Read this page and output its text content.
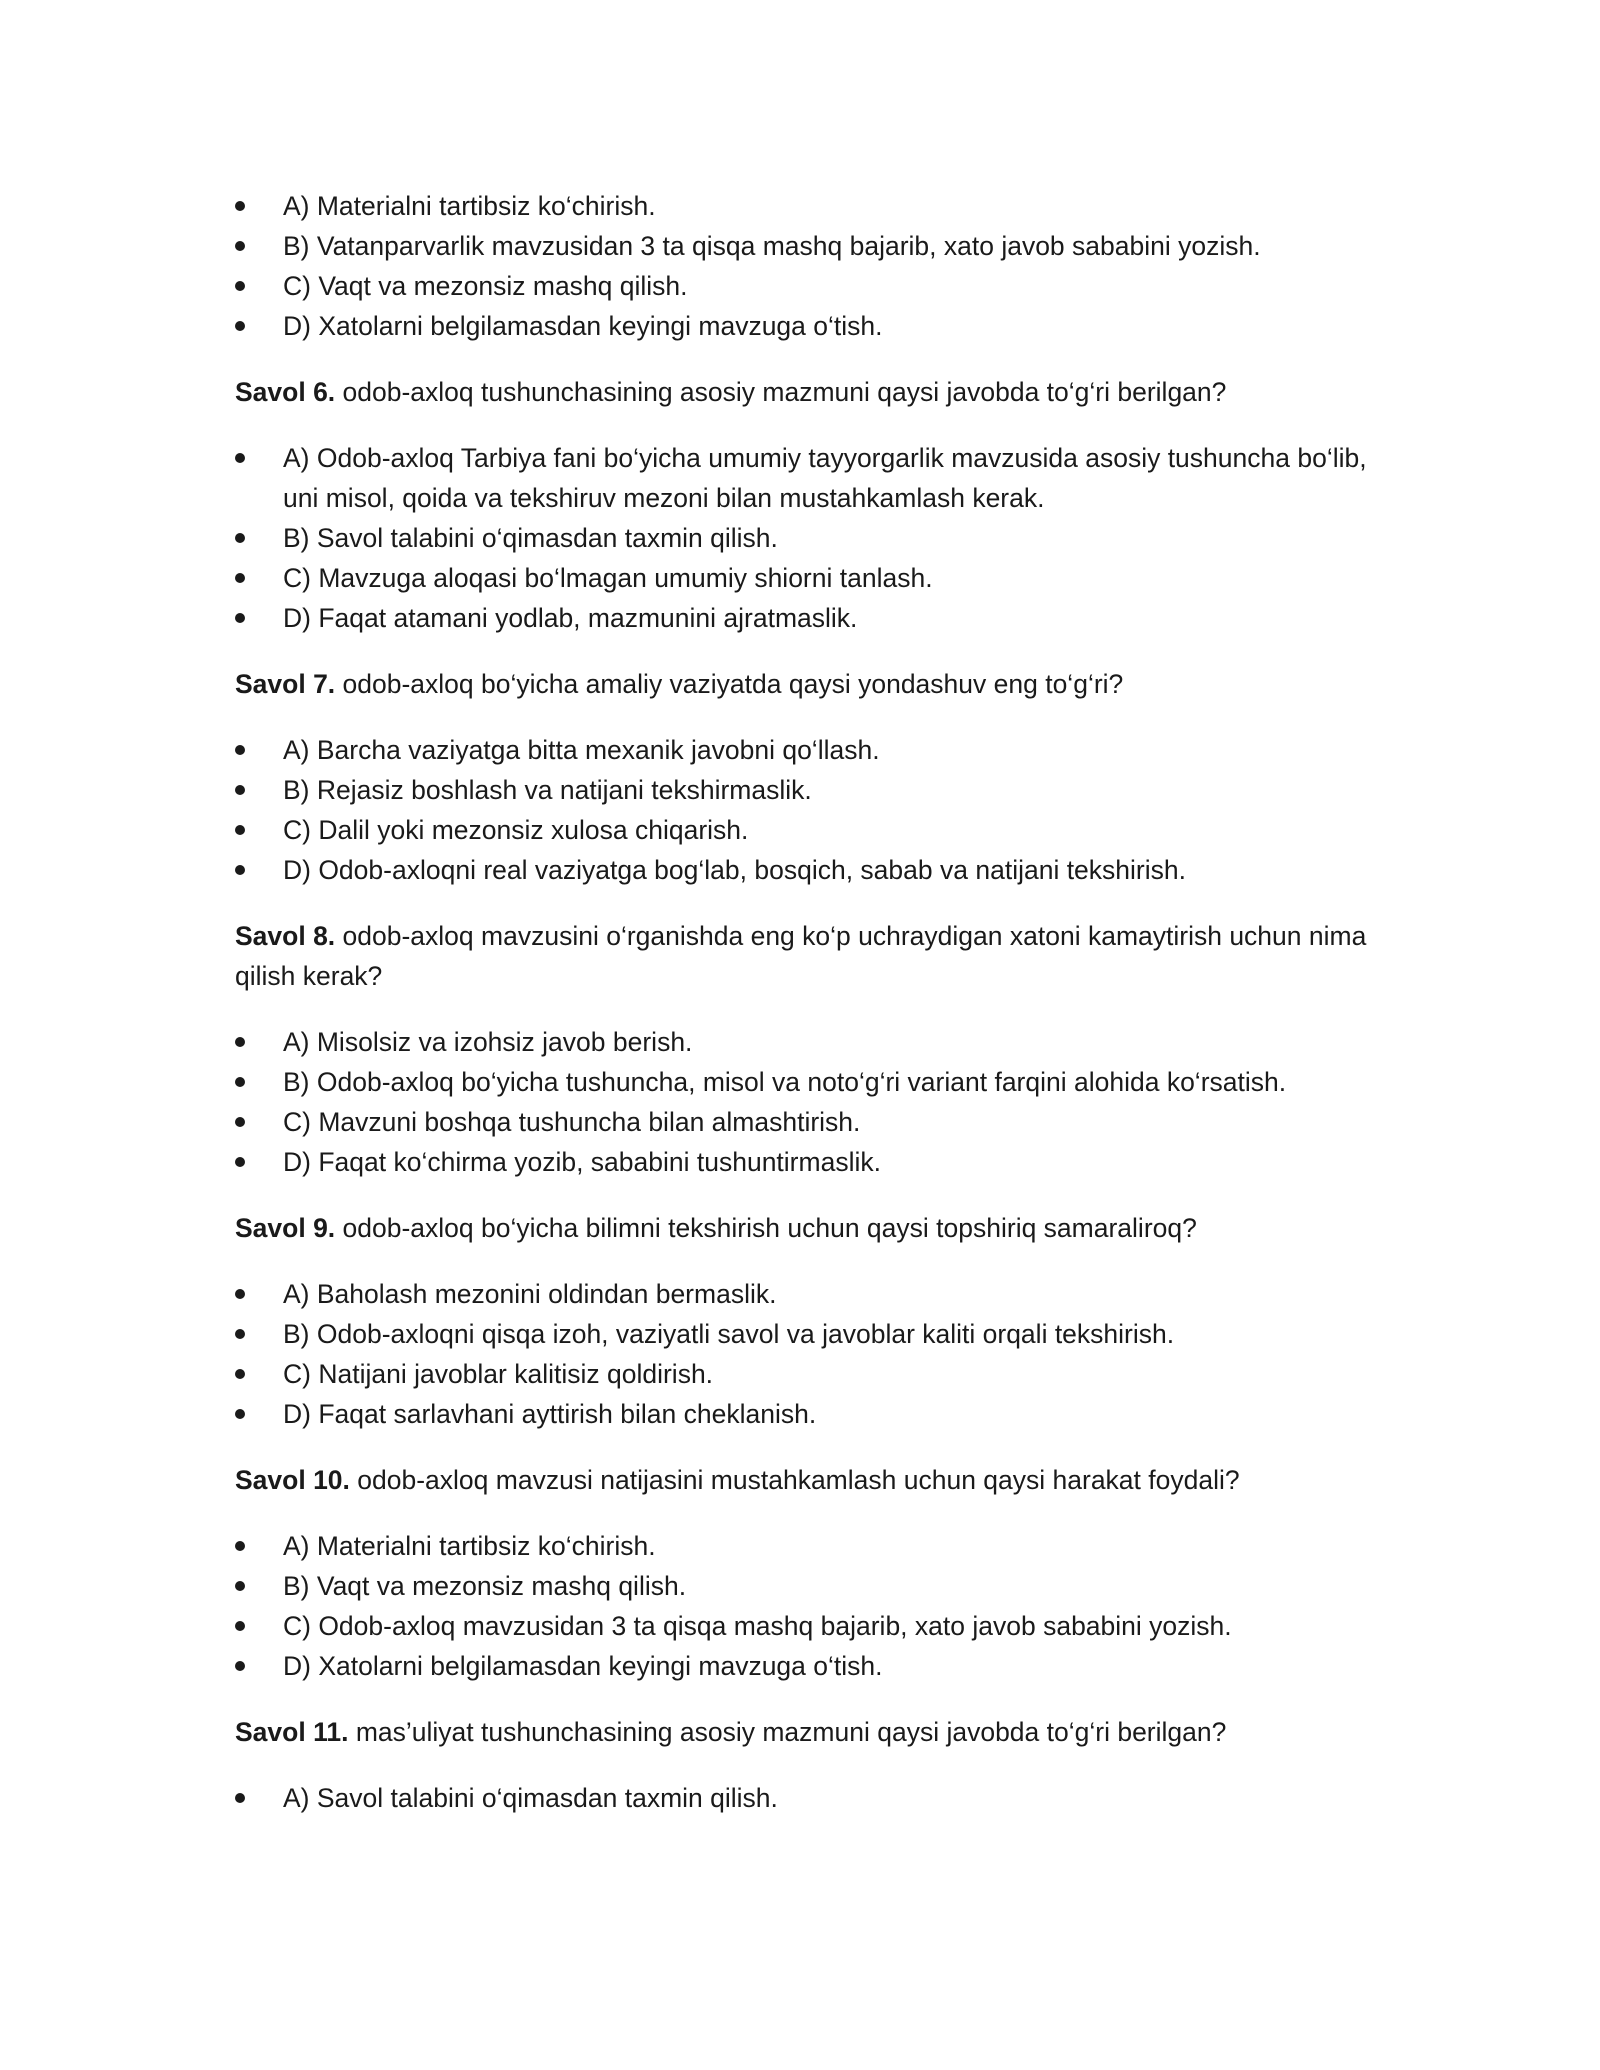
A) Materialni tartibsiz ko‘chirish.
B) Vatanparvarlik mavzusidan 3 ta qisqa mashq bajarib, xato javob sababini yozish.
C) Vaqt va mezonsiz mashq qilish.
D) Xatolarni belgilamasdan keyingi mavzuga o‘tish.

Savol 6. odob-axloq tushunchasining asosiy mazmuni qaysi javobda to‘g‘ri berilgan?

A) Odob-axloq Tarbiya fani bo‘yicha umumiy tayyorgarlik mavzusida asosiy tushuncha bo‘lib, uni misol, qoida va tekshiruv mezoni bilan mustahkamlash kerak.
B) Savol talabini o‘qimasdan taxmin qilish.
C) Mavzuga aloqasi bo‘lmagan umumiy shiorni tanlash.
D) Faqat atamani yodlab, mazmunini ajratmaslik.

Savol 7. odob-axloq bo‘yicha amaliy vaziyatda qaysi yondashuv eng to‘g‘ri?

A) Barcha vaziyatga bitta mexanik javobni qo‘llash.
B) Rejasiz boshlash va natijani tekshirmaslik.
C) Dalil yoki mezonsiz xulosa chiqarish.
D) Odob-axloqni real vaziyatga bog‘lab, bosqich, sabab va natijani tekshirish.

Savol 8. odob-axloq mavzusini o‘rganishda eng ko‘p uchraydigan xatoni kamaytirish uchun nima qilish kerak?

A) Misolsiz va izohsiz javob berish.
B) Odob-axloq bo‘yicha tushuncha, misol va noto‘g‘ri variant farqini alohida ko‘rsatish.
C) Mavzuni boshqa tushuncha bilan almashtirish.
D) Faqat ko‘chirma yozib, sababini tushuntirmaslik.

Savol 9. odob-axloq bo‘yicha bilimni tekshirish uchun qaysi topshiriq samaraliroq?

A) Baholash mezonini oldindan bermaslik.
B) Odob-axloqni qisqa izoh, vaziyatli savol va javoblar kaliti orqali tekshirish.
C) Natijani javoblar kalitisiz qoldirish.
D) Faqat sarlavhani ayttirish bilan cheklanish.

Savol 10. odob-axloq mavzusi natijasini mustahkamlash uchun qaysi harakat foydali?

A) Materialni tartibsiz ko‘chirish.
B) Vaqt va mezonsiz mashq qilish.
C) Odob-axloq mavzusidan 3 ta qisqa mashq bajarib, xato javob sababini yozish.
D) Xatolarni belgilamasdan keyingi mavzuga o‘tish.

Savol 11. mas’uliyat tushunchasining asosiy mazmuni qaysi javobda to‘g‘ri berilgan?

A) Savol talabini o‘qimasdan taxmin qilish.
